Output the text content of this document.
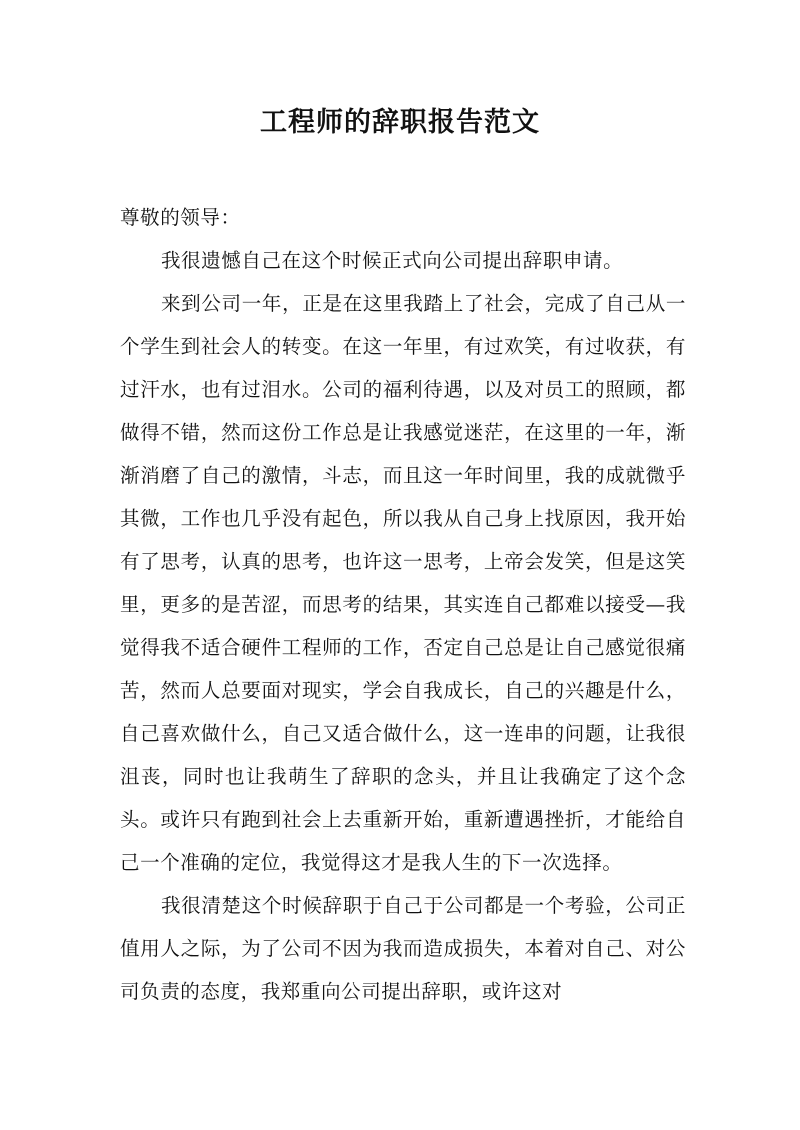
工程师的辞职报告范文

尊敬的领导：

我很遗憾自己在这个时候正式向公司提出辞职申请。

来到公司一年，正是在这里我踏上了社会，完成了自己从一个学生到社会人的转变。在这一年里，有过欢笑，有过收获，有过汗水，也有过泪水。公司的福利待遇，以及对员工的照顾，都做得不错，然而这份工作总是让我感觉迷茫，在这里的一年，渐渐消磨了自己的激情，斗志，而且这一年时间里，我的成就微乎其微，工作也几乎没有起色，所以我从自己身上找原因，我开始有了思考，认真的思考，也许这一思考，上帝会发笑，但是这笑里，更多的是苦涩，而思考的结果，其实连自己都难以接受—我觉得我不适合硬件工程师的工作，否定自己总是让自己感觉很痛苦，然而人总要面对现实，学会自我成长，自己的兴趣是什么，自己喜欢做什么，自己又适合做什么，这一连串的问题，让我很沮丧，同时也让我萌生了辞职的念头，并且让我确定了这个念头。或许只有跑到社会上去重新开始，重新遭遇挫折，才能给自己一个准确的定位，我觉得这才是我人生的下一次选择。

我很清楚这个时候辞职于自己于公司都是一个考验，公司正值用人之际，为了公司不因为我而造成损失，本着对自己、对公司负责的态度，我郑重向公司提出辞职，或许这对
